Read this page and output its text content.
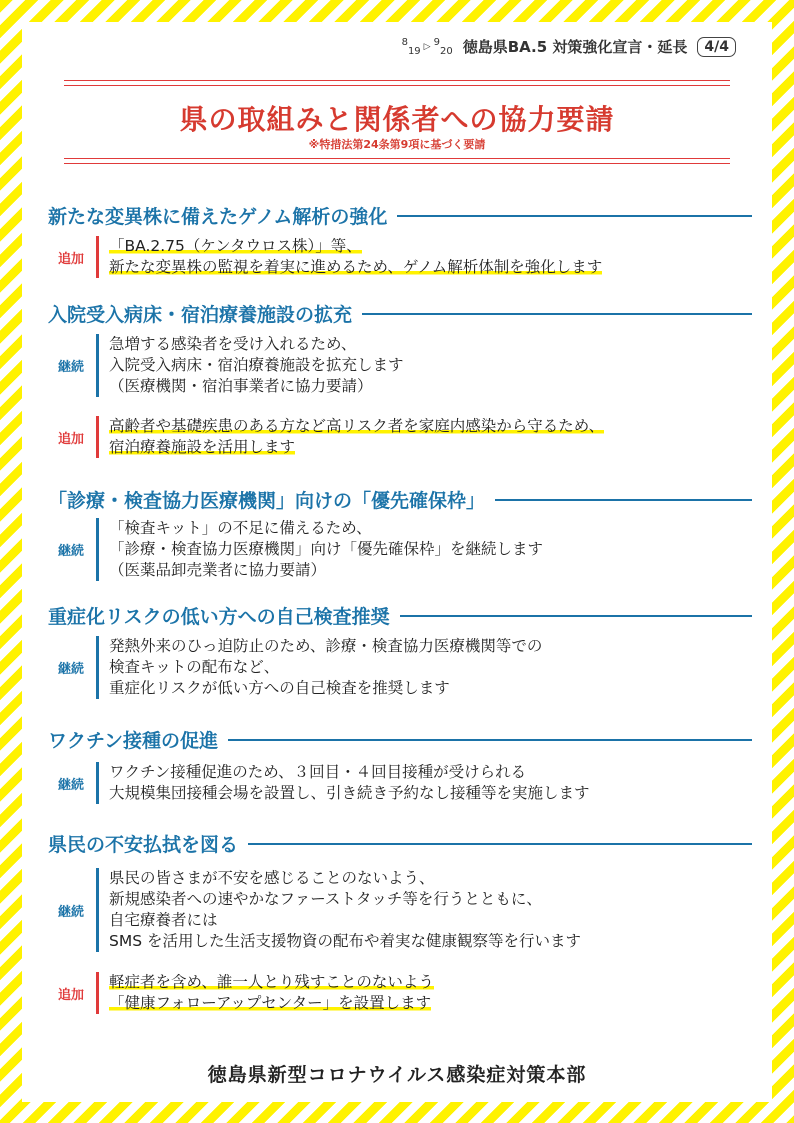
$^8$
$_{19}$ ▷ $^9$
$_{20}$ 徳島県BA.5 対策強化宣言・延長	4/4
県の取組みと関係者への協力要請
※特措法第24条第9項に基づく要請
新たな変異株に備えたゲノム解析の強化
追加
「BA.2.75（ケンタウロス株）」等、
新たな変異株の監視を着実に進めるため、ゲノム解析体制を強化します
入院受入病床・宿泊療養施設の拡充
継続
急増する感染者を受け入れるため、
入院受入病床・宿泊療養施設を拡充します
（医療機関・宿泊事業者に協力要請）
追加
高齢者や基礎疾患のある方など高リスク者を家庭内感染から守るため、
宿泊療養施設を活用します
「診療・検査協力医療機関」向けの「優先確保枠」
継続
「検査キット」の不足に備えるため、
「診療・検査協力医療機関」向け「優先確保枠」を継続します
（医薬品卸売業者に協力要請）
重症化リスクの低い方への自己検査推奨
継続
発熱外来のひっ迫防止のため、診療・検査協力医療機関等での
検査キットの配布など、
重症化リスクが低い方への自己検査を推奨します
ワクチン接種の促進
継続
ワクチン接種促進のため、３回目・４回目接種が受けられる
大規模集団接種会場を設置し、引き続き予約なし接種等を実施します
県民の不安払拭を図る
継続
県民の皆さまが不安を感じることのないよう、
新規感染者への速やかなファーストタッチ等を行うとともに、
自宅療養者には
SMS を活用した生活支援物資の配布や着実な健康観察等を行います
追加
軽症者を含め、誰一人とり残すことのないよう
「健康フォローアップセンター」を設置します
徳島県新型コロナウイルス感染症対策本部
